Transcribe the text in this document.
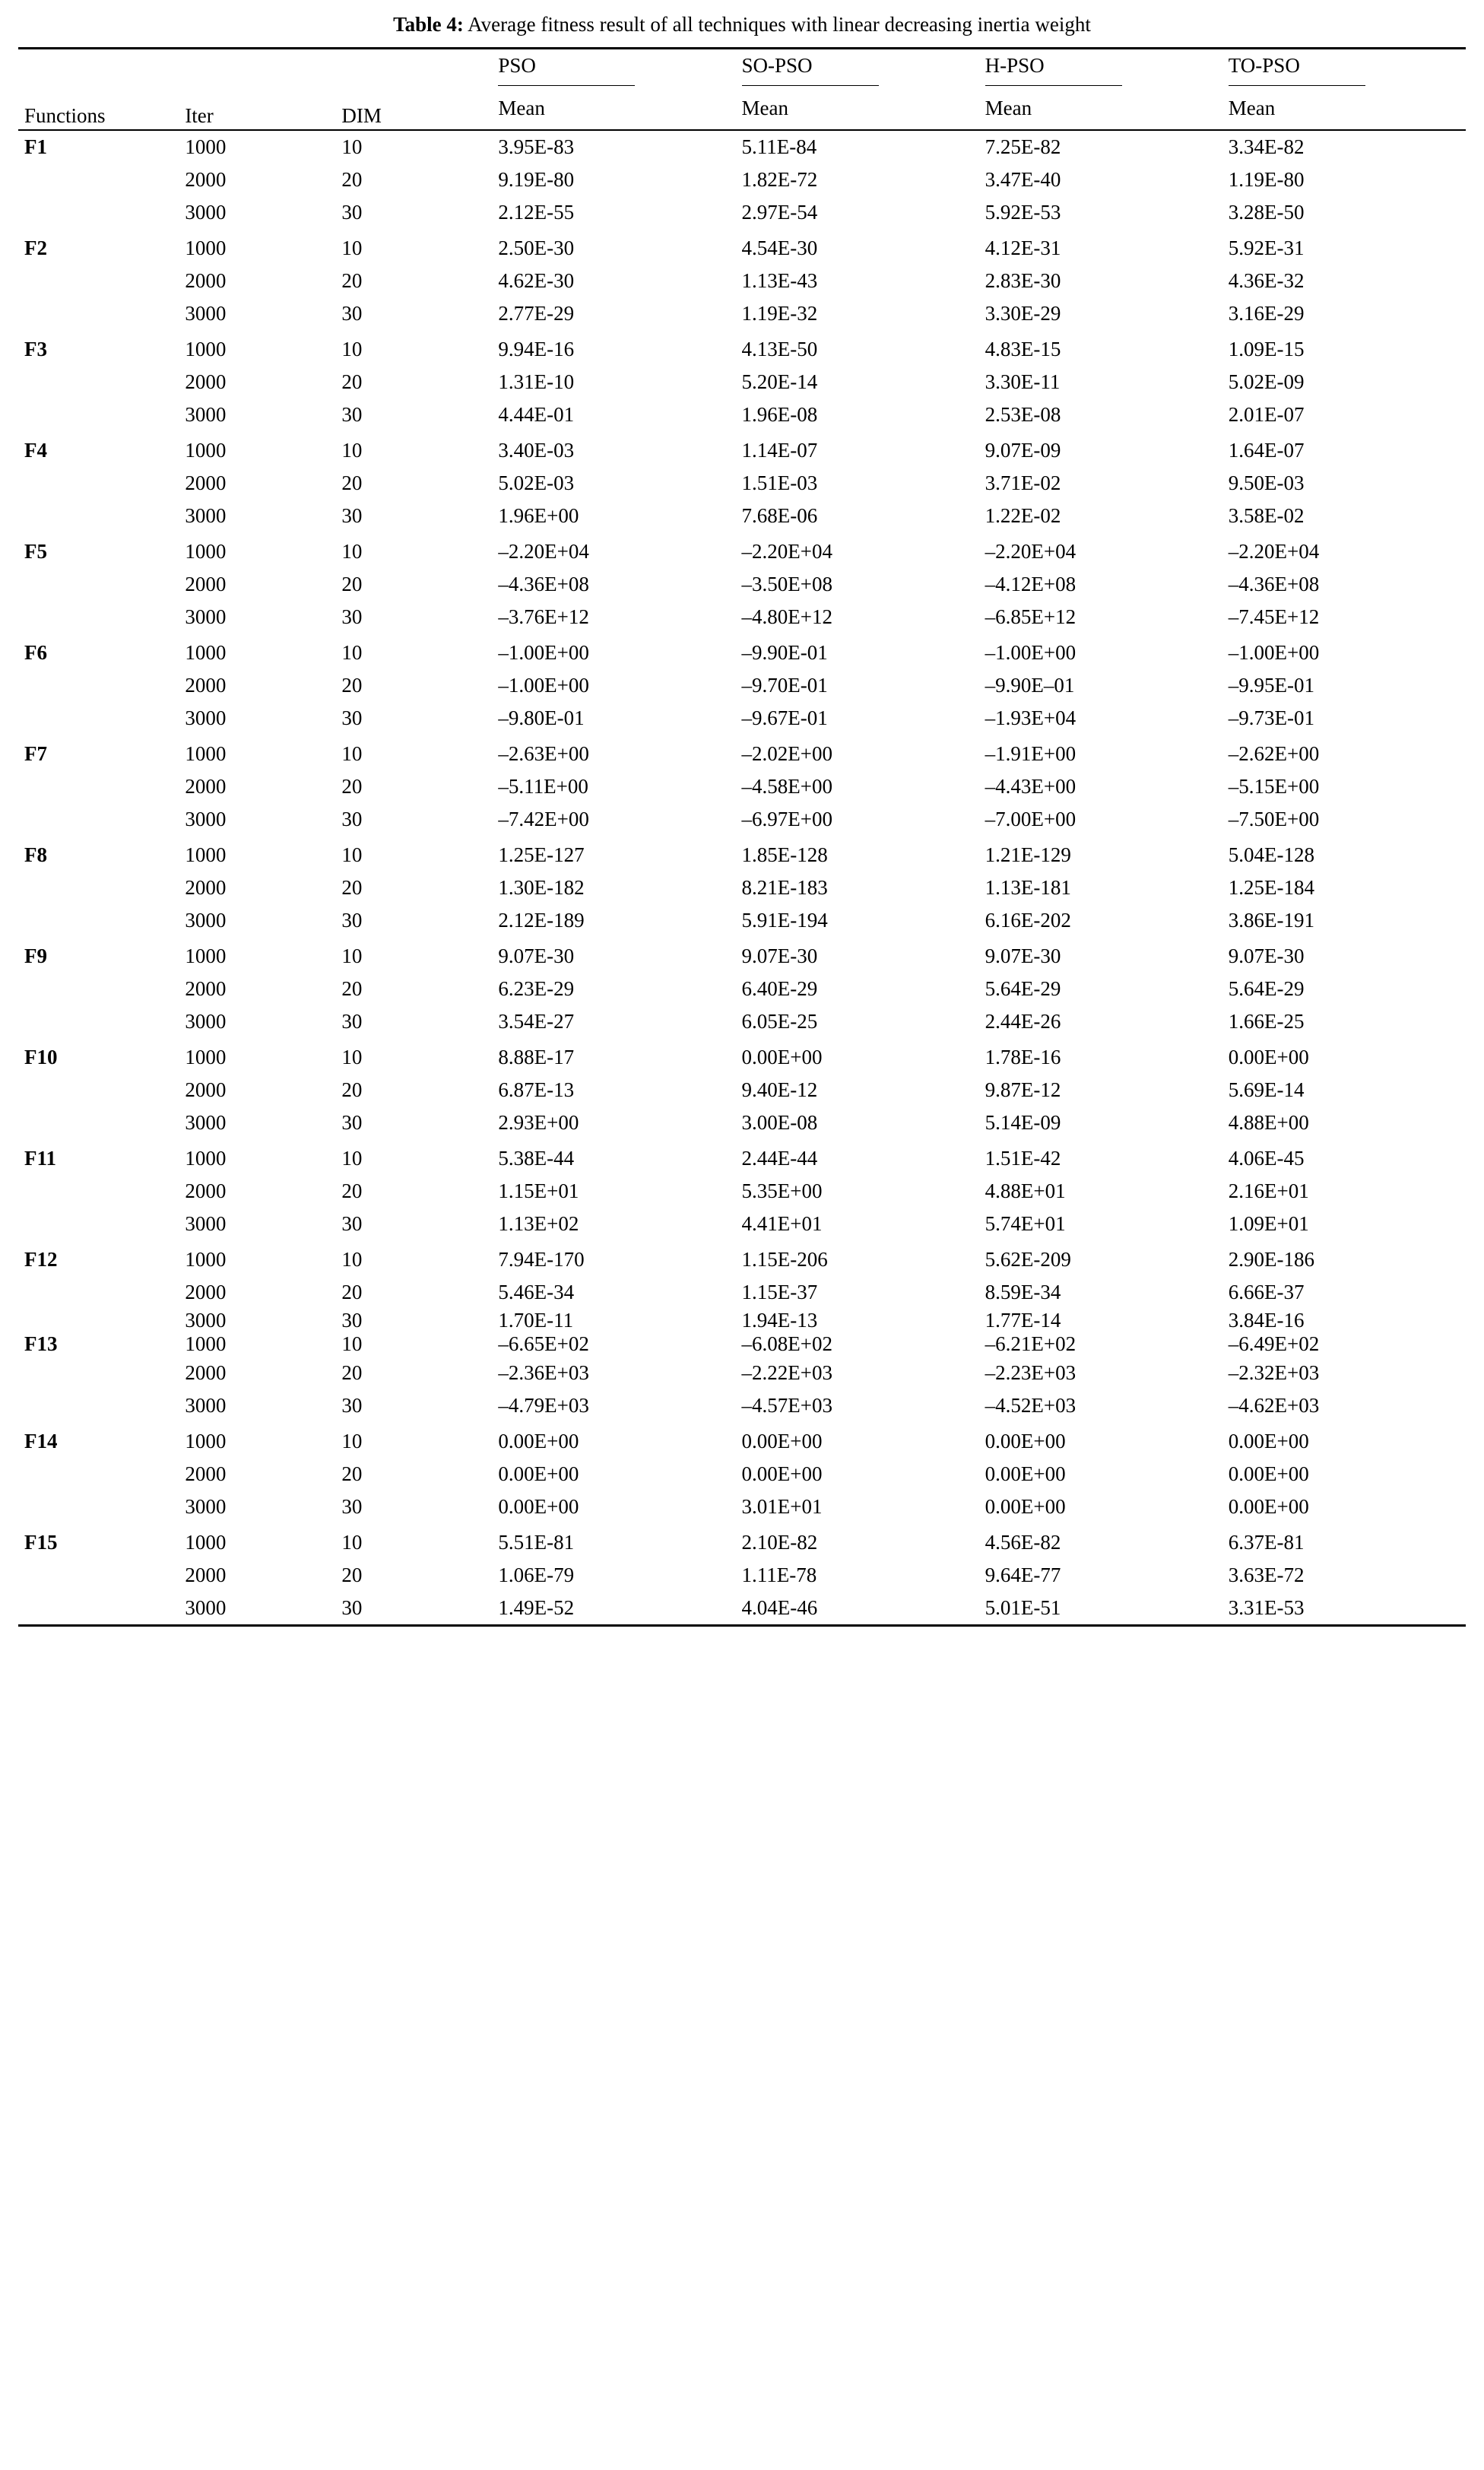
Table 4: Average fitness result of all techniques with linear decreasing inertia weight
Functions	Iter	DIM	PSO	SO-PSO	H-PSO	TO-PSO

			Mean	Mean	Mean	Mean
F1	1000	10	3.95E-83	5.11E-84	7.25E-82	3.34E-82
	2000	20	9.19E-80	1.82E-72	3.47E-40	1.19E-80
	3000	30	2.12E-55	2.97E-54	5.92E-53	3.28E-50
F2	1000	10	2.50E-30	4.54E-30	4.12E-31	5.92E-31
	2000	20	4.62E-30	1.13E-43	2.83E-30	4.36E-32
	3000	30	2.77E-29	1.19E-32	3.30E-29	3.16E-29
F3	1000	10	9.94E-16	4.13E-50	4.83E-15	1.09E-15
	2000	20	1.31E-10	5.20E-14	3.30E-11	5.02E-09
	3000	30	4.44E-01	1.96E-08	2.53E-08	2.01E-07
F4	1000	10	3.40E-03	1.14E-07	9.07E-09	1.64E-07
	2000	20	5.02E-03	1.51E-03	3.71E-02	9.50E-03
	3000	30	1.96E+00	7.68E-06	1.22E-02	3.58E-02
F5	1000	10	–2.20E+04	–2.20E+04	–2.20E+04	–2.20E+04
	2000	20	–4.36E+08	–3.50E+08	–4.12E+08	–4.36E+08
	3000	30	–3.76E+12	–4.80E+12	–6.85E+12	–7.45E+12
F6	1000	10	–1.00E+00	–9.90E-01	–1.00E+00	–1.00E+00
	2000	20	–1.00E+00	–9.70E-01	–9.90E–01	–9.95E-01
	3000	30	–9.80E-01	–9.67E-01	–1.93E+04	–9.73E-01
F7	1000	10	–2.63E+00	–2.02E+00	–1.91E+00	–2.62E+00
	2000	20	–5.11E+00	–4.58E+00	–4.43E+00	–5.15E+00
	3000	30	–7.42E+00	–6.97E+00	–7.00E+00	–7.50E+00
F8	1000	10	1.25E-127	1.85E-128	1.21E-129	5.04E-128
	2000	20	1.30E-182	8.21E-183	1.13E-181	1.25E-184
	3000	30	2.12E-189	5.91E-194	6.16E-202	3.86E-191
F9	1000	10	9.07E-30	9.07E-30	9.07E-30	9.07E-30
	2000	20	6.23E-29	6.40E-29	5.64E-29	5.64E-29
	3000	30	3.54E-27	6.05E-25	2.44E-26	1.66E-25
F10	1000	10	8.88E-17	0.00E+00	1.78E-16	0.00E+00
	2000	20	6.87E-13	9.40E-12	9.87E-12	5.69E-14
	3000	30	2.93E+00	3.00E-08	5.14E-09	4.88E+00
F11	1000	10	5.38E-44	2.44E-44	1.51E-42	4.06E-45
	2000	20	1.15E+01	5.35E+00	4.88E+01	2.16E+01
	3000	30	1.13E+02	4.41E+01	5.74E+01	1.09E+01
F12	1000	10	7.94E-170	1.15E-206	5.62E-209	2.90E-186
	2000	20	5.46E-34	1.15E-37	8.59E-34	6.66E-37
	3000	30	1.70E-11	1.94E-13	1.77E-14	3.84E-16
F13	1000	10	–6.65E+02	–6.08E+02	–6.21E+02	–6.49E+02
	2000	20	–2.36E+03	–2.22E+03	–2.23E+03	–2.32E+03
	3000	30	–4.79E+03	–4.57E+03	–4.52E+03	–4.62E+03
F14	1000	10	0.00E+00	0.00E+00	0.00E+00	0.00E+00
	2000	20	0.00E+00	0.00E+00	0.00E+00	0.00E+00
	3000	30	0.00E+00	3.01E+01	0.00E+00	0.00E+00
F15	1000	10	5.51E-81	2.10E-82	4.56E-82	6.37E-81
	2000	20	1.06E-79	1.11E-78	9.64E-77	3.63E-72
	3000	30	1.49E-52	4.04E-46	5.01E-51	3.31E-53
